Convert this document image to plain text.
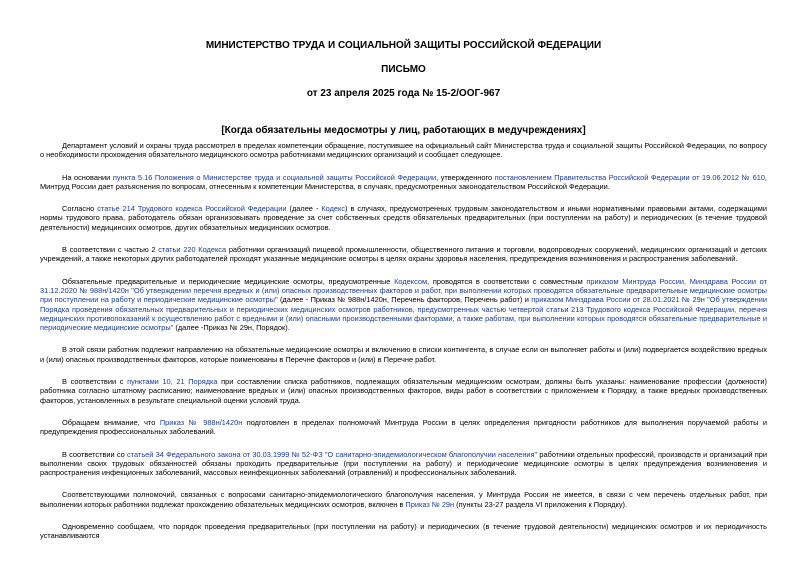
МИНИСТЕРСТВО ТРУДА И СОЦИАЛЬНОЙ ЗАЩИТЫ РОССИЙСКОЙ ФЕДЕРАЦИИ
ПИСЬМО
от 23 апреля 2025 года № 15-2/ООГ-967
[Когда обязательны медосмотры у лиц, работающих в медучреждениях]

Департамент условий и охраны труда рассмотрел в пределах компетенции обращение, поступившее на официальный сайт Министерства труда и социальной защиты Российской Федерации, по вопросу о необходимости прохождения обязательного медицинского осмотра работниками медицинских организаций и сообщает следующее.

На основании пункта 5.16 Положения о Министерстве труда и социальной защиты Российской Федерации, утвержденного постановлением Правительства Российской Федерации от 19.06.2012 № 610, Минтруд России дает разъяснения по вопросам, отнесенным к компетенции Министерства, в случаях, предусмотренных законодательством Российской Федерации.

Согласно статье 214 Трудового кодекса Российской Федерации (далее - Кодекс) в случаях, предусмотренных трудовым законодательством и иными нормативными правовыми актами, содержащими нормы трудового права, работодатель обязан организовывать проведение за счет собственных средств обязательных предварительных (при поступлении на работу) и периодических (в течение трудовой деятельности) медицинских осмотров, других обязательных медицинских осмотров.

В соответствии с частью 2 статьи 220 Кодекса работники организаций пищевой промышленности, общественного питания и торговли, водопроводных сооружений, медицинских организаций и детских учреждений, а также некоторых других работодателей проходят указанные медицинские осмотры в целях охраны здоровья населения, предупреждения возникновения и распространения заболеваний.

Обязательные предварительные и периодические медицинские осмотры, предусмотренные Кодексом, проводятся в соответствии с совместным приказом Минтруда России, Минздрава России от 31.12.2020 № 988н/1420н "Об утверждении перечня вредных и (или) опасных производственных факторов и работ, при выполнении которых проводятся обязательные предварительные медицинские осмотры при поступлении на работу и периодические медицинские осмотры" (далее - Приказ № 988н/1420н, Перечень факторов, Перечень работ) и приказом Минздрава России от 28.01.2021 № 29н "Об утверждении Порядка проведения обязательных предварительных и периодических медицинских осмотров работников, предусмотренных частью четвертой статьи 213 Трудового кодекса Российской Федерации, перечня медицинских противопоказаний к осуществлению работ с вредными и (или) опасными производственными факторами, а также работам, при выполнении которых проводятся обязательные предварительные и периодические медицинские осмотры" (далее -Приказ № 29н, Порядок).

В этой связи работник подлежит направлению на обязательные медицинские осмотры и включению в списки контингента, в случае если он выполняет работы и (или) подвергается воздействию вредных и (или) опасных производственных факторов, которые поименованы в Перечне факторов и (или) в Перечне работ.

В соответствии с пунктами 10, 21 Порядка при составлении списка работников, подлежащих обязательным медицинским осмотрам, должны быть указаны: наименование профессии (должности) работника согласно штатному расписанию; наименование вредных и (или) опасных производственных факторов, виды работ в соответствии с приложением к Порядку, а также вредных производственных факторов, установленных в результате специальной оценки условий труда.

Обращаем внимание, что Приказ № 988н/1420н подготовлен в пределах полномочий Минтруда России в целях определения пригодности работников для выполнения поручаемой работы и предупреждения профессиональных заболеваний.

В соответствии со статьей 34 Федерального закона от 30.03.1999 № 52-ФЗ "О санитарно-эпидемиологическом благополучии населения" работники отдельных профессий, производств и организаций при выполнении своих трудовых обязанностей обязаны проходить предварительные (при поступлении на работу) и периодические медицинские осмотры в целях предупреждения возникновения и распространения инфекционных заболеваний, массовых неинфекционных заболеваний (отравлений) и профессиональных заболеваний.

Соответствующими полномочий, связанных с вопросами санитарно-эпидемиологического благополучия населения, у Минтруда России не имеется, в связи с чем перечень отдельных работ, при выполнении которых работники подлежат прохождению обязательных медицинских осмотров, включен в Приказ № 29н (пункты 23-27 раздела VI приложения к Порядку).

Одновременно сообщаем, что порядок проведения предварительных (при поступлении на работу) и периодических (в течение трудовой деятельности) медицинских осмотров и их периодичность устанавливаются
